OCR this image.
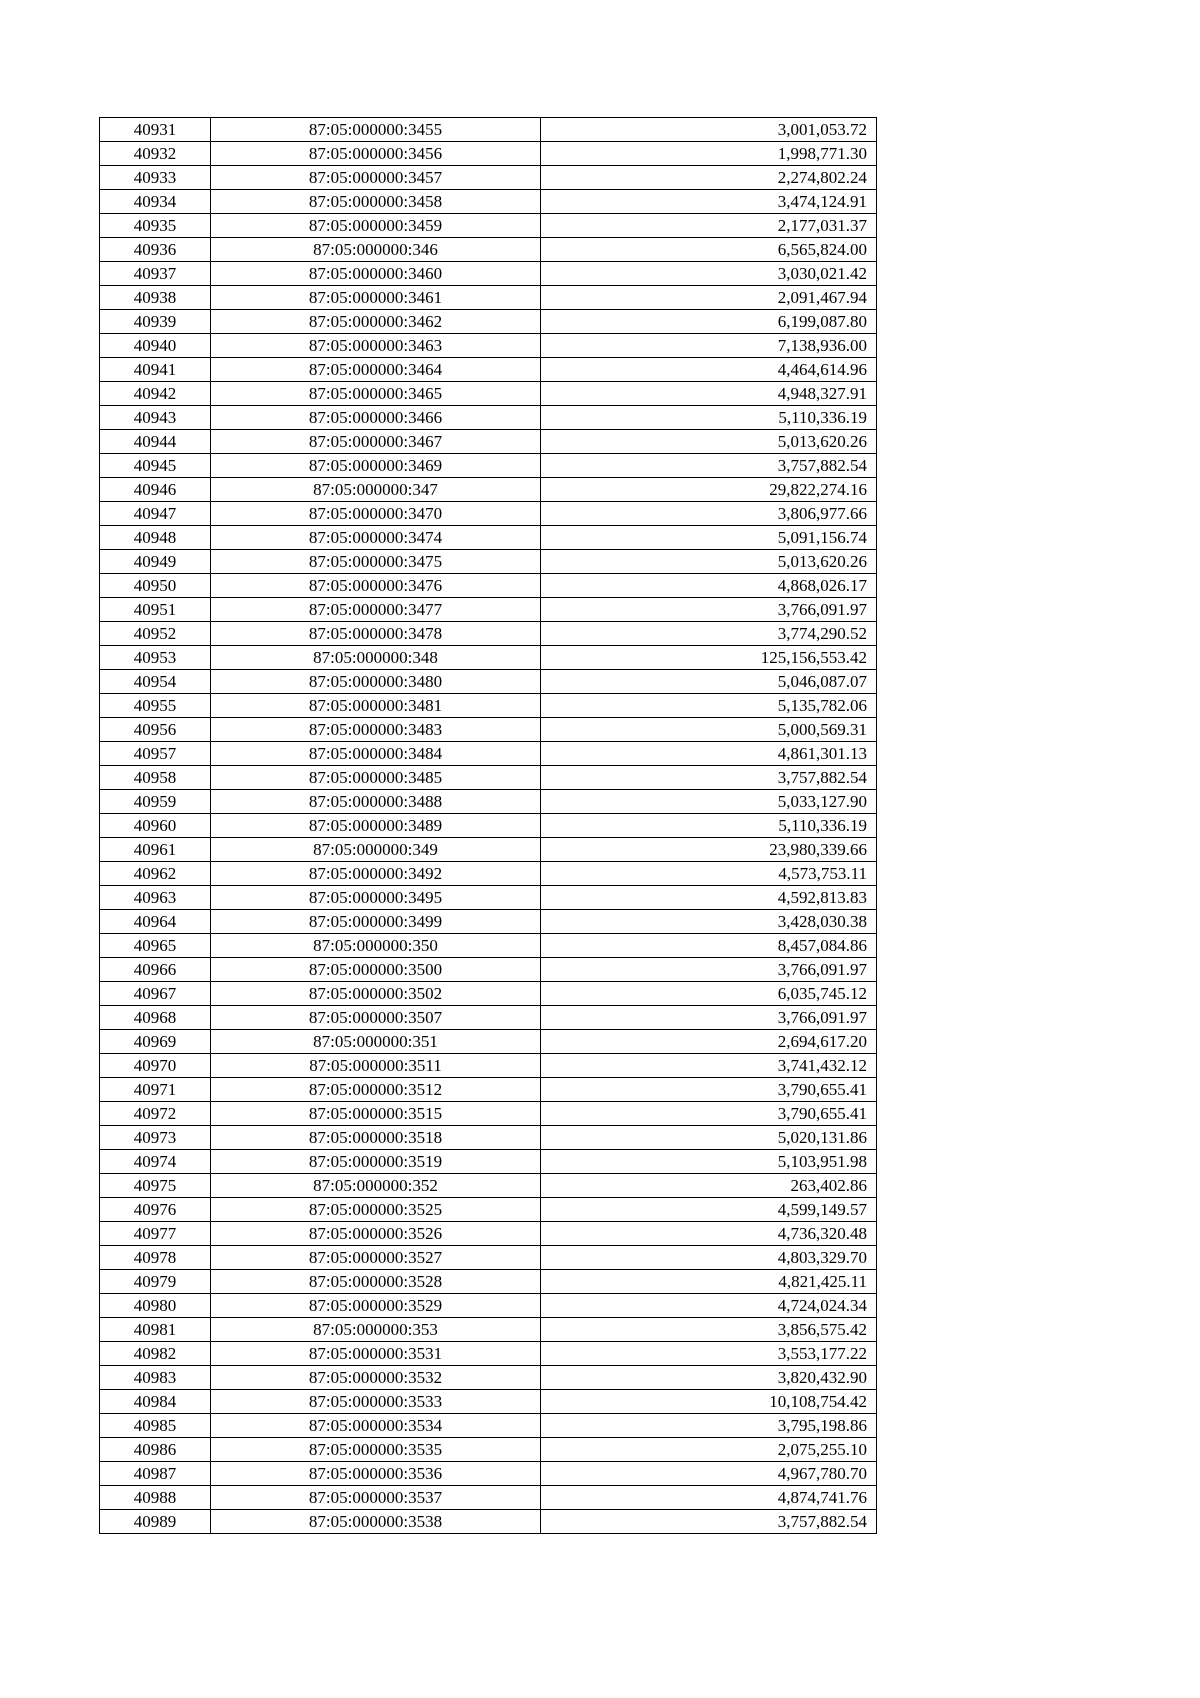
40931	87:05:000000:3455	3,001,053.72
40932	87:05:000000:3456	1,998,771.30
40933	87:05:000000:3457	2,274,802.24
40934	87:05:000000:3458	3,474,124.91
40935	87:05:000000:3459	2,177,031.37
40936	87:05:000000:346	6,565,824.00
40937	87:05:000000:3460	3,030,021.42
40938	87:05:000000:3461	2,091,467.94
40939	87:05:000000:3462	6,199,087.80
40940	87:05:000000:3463	7,138,936.00
40941	87:05:000000:3464	4,464,614.96
40942	87:05:000000:3465	4,948,327.91
40943	87:05:000000:3466	5,110,336.19
40944	87:05:000000:3467	5,013,620.26
40945	87:05:000000:3469	3,757,882.54
40946	87:05:000000:347	29,822,274.16
40947	87:05:000000:3470	3,806,977.66
40948	87:05:000000:3474	5,091,156.74
40949	87:05:000000:3475	5,013,620.26
40950	87:05:000000:3476	4,868,026.17
40951	87:05:000000:3477	3,766,091.97
40952	87:05:000000:3478	3,774,290.52
40953	87:05:000000:348	125,156,553.42
40954	87:05:000000:3480	5,046,087.07
40955	87:05:000000:3481	5,135,782.06
40956	87:05:000000:3483	5,000,569.31
40957	87:05:000000:3484	4,861,301.13
40958	87:05:000000:3485	3,757,882.54
40959	87:05:000000:3488	5,033,127.90
40960	87:05:000000:3489	5,110,336.19
40961	87:05:000000:349	23,980,339.66
40962	87:05:000000:3492	4,573,753.11
40963	87:05:000000:3495	4,592,813.83
40964	87:05:000000:3499	3,428,030.38
40965	87:05:000000:350	8,457,084.86
40966	87:05:000000:3500	3,766,091.97
40967	87:05:000000:3502	6,035,745.12
40968	87:05:000000:3507	3,766,091.97
40969	87:05:000000:351	2,694,617.20
40970	87:05:000000:3511	3,741,432.12
40971	87:05:000000:3512	3,790,655.41
40972	87:05:000000:3515	3,790,655.41
40973	87:05:000000:3518	5,020,131.86
40974	87:05:000000:3519	5,103,951.98
40975	87:05:000000:352	263,402.86
40976	87:05:000000:3525	4,599,149.57
40977	87:05:000000:3526	4,736,320.48
40978	87:05:000000:3527	4,803,329.70
40979	87:05:000000:3528	4,821,425.11
40980	87:05:000000:3529	4,724,024.34
40981	87:05:000000:353	3,856,575.42
40982	87:05:000000:3531	3,553,177.22
40983	87:05:000000:3532	3,820,432.90
40984	87:05:000000:3533	10,108,754.42
40985	87:05:000000:3534	3,795,198.86
40986	87:05:000000:3535	2,075,255.10
40987	87:05:000000:3536	4,967,780.70
40988	87:05:000000:3537	4,874,741.76
40989	87:05:000000:3538	3,757,882.54
